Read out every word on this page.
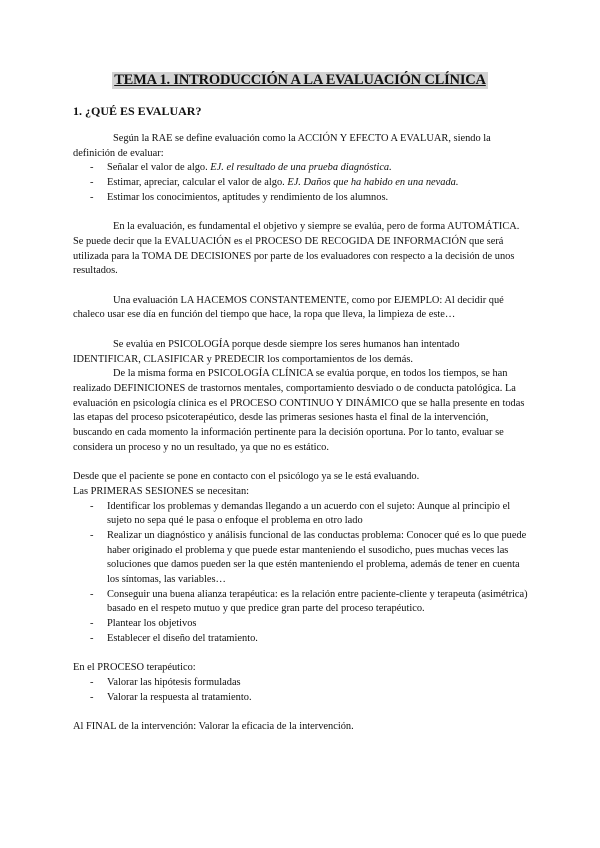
TEMA 1. INTRODUCCIÓN A LA EVALUACIÓN CLÍNICA
1. ¿QUÉ ES EVALUAR?

Según la RAE se define evaluación como la ACCIÓN Y EFECTO A EVALUAR, siendo la definición de evaluar:

- Señalar el valor de algo. EJ. el resultado de una prueba diagnóstica.
- Estimar, apreciar, calcular el valor de algo. EJ. Daños que ha habido en una nevada.
- Estimar los conocimientos, aptitudes y rendimiento de los alumnos.

En la evaluación, es fundamental el objetivo y siempre se evalúa, pero de forma AUTOMÁTICA. Se puede decir que la EVALUACIÓN es el PROCESO DE RECOGIDA DE INFORMACIÓN que será utilizada para la TOMA DE DECISIONES por parte de los evaluadores con respecto a la decisión de unos resultados.

Una evaluación LA HACEMOS CONSTANTEMENTE, como por EJEMPLO: Al decidir qué chaleco usar ese día en función del tiempo que hace, la ropa que lleva, la limpieza de este…

Se evalúa en PSICOLOGÍA porque desde siempre los seres humanos han intentado IDENTIFICAR, CLASIFICAR y PREDECIR los comportamientos de los demás.

De la misma forma en PSICOLOGÍA CLÍNICA se evalúa porque, en todos los tiempos, se han realizado DEFINICIONES de trastornos mentales, comportamiento desviado o de conducta patológica. La evaluación en psicología clínica es el PROCESO CONTINUO Y DINÁMICO que se halla presente en todas las etapas del proceso psicoterapéutico, desde las primeras sesiones hasta el final de la intervención, buscando en cada momento la información pertinente para la decisión oportuna. Por lo tanto, evaluar se considera un proceso y no un resultado, ya que no es estático.

Desde que el paciente se pone en contacto con el psicólogo ya se le está evaluando.

Las PRIMERAS SESIONES se necesitan:

- Identificar los problemas y demandas llegando a un acuerdo con el sujeto: Aunque al principio el sujeto no sepa qué le pasa o enfoque el problema en otro lado
- Realizar un diagnóstico y análisis funcional de las conductas problema: Conocer qué es lo que puede haber originado el problema y que puede estar manteniendo el susodicho, pues muchas veces las soluciones que damos pueden ser la que estén manteniendo el problema, además de tener en cuenta los síntomas, las variables…
- Conseguir una buena alianza terapéutica: es la relación entre paciente-cliente y terapeuta (asimétrica) basado en el respeto mutuo y que predice gran parte del proceso terapéutico.
- Plantear los objetivos
- Establecer el diseño del tratamiento.

En el PROCESO terapéutico:

- Valorar las hipótesis formuladas
- Valorar la respuesta al tratamiento.

Al FINAL de la intervención: Valorar la eficacia de la intervención.
